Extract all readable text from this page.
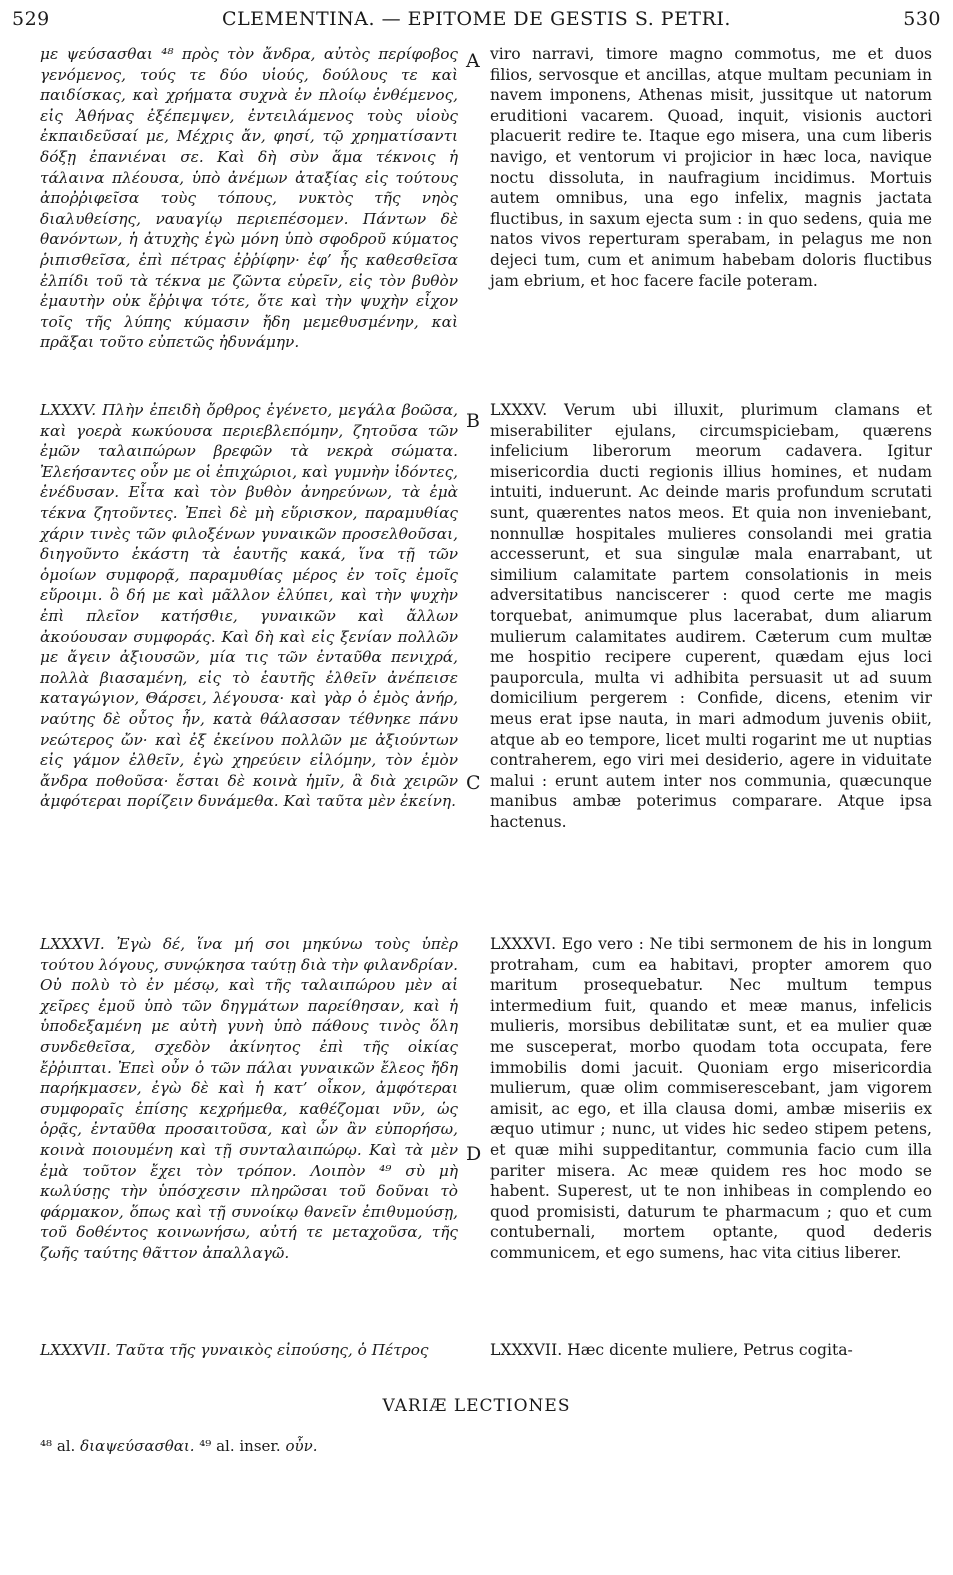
529	CLEMENTINA. — EPITOME DE GESTIS S. PETRI.	530

με ψεύσασθαι ⁴⁸ πρὸς τὸν ἄνδρα, αὐτὸς περίφοβος γενόμενος, τούς τε δύο υἱούς, δούλους τε καὶ παιδίσκας, καὶ χρήματα συχνὰ ἐν πλοίῳ ἐνθέμενος, εἰς Ἀθήνας ἐξέπεμψεν, ἐντειλάμενος τοὺς υἱοὺς ἐκπαιδεῦσαί με, Μέχρις ἄν, φησί, τῷ χρηματίσαντι δόξῃ ἐπανιέναι σε. Καὶ δὴ σὺν ἅμα τέκνοις ἡ τάλαινα πλέουσα, ὑπὸ ἀνέμων ἀταξίας εἰς τούτους ἀποῤῥιφεῖσα τοὺς τόπους, νυκτὸς τῆς νηὸς διαλυθείσης, ναυαγίῳ περιεπέσομεν. Πάντων δὲ θανόντων, ἡ ἀτυχὴς ἐγὼ μόνη ὑπὸ σφοδροῦ κύματος ῥιπισθεῖσα, ἐπὶ πέτρας ἐῤῥίφην· ἐφ’ ἧς καθεσθεῖσα ἐλπίδι τοῦ τὰ τέκνα με ζῶντα εὑρεῖν, εἰς τὸν βυθὸν ἐμαυτὴν οὐκ ἔῤῥιψα τότε, ὅτε καὶ τὴν ψυχὴν εἶχον τοῖς τῆς λύπης κύμασιν ἤδη μεμεθυσμένην, καὶ πρᾶξαι τοῦτο εὐπετῶς ἠδυνάμην.

LXXXV. Πλὴν ἐπειδὴ ὄρθρος ἐγένετο, μεγάλα βοῶσα, καὶ γοερὰ κωκύουσα περιεβλεπόμην, ζητοῦσα τῶν ἐμῶν ταλαιπώρων βρεφῶν τὰ νεκρὰ σώματα. Ἐλεήσαντες οὖν με οἱ ἐπιχώριοι, καὶ γυμνὴν ἰδόντες, ἐνέδυσαν. Εἶτα καὶ τὸν βυθὸν ἀνηρεύνων, τὰ ἐμὰ τέκνα ζητοῦντες. Ἐπεὶ δὲ μὴ εὕρισκον, παραμυθίας χάριν τινὲς τῶν φιλοξένων γυναικῶν προσελθοῦσαι, διηγοῦντο ἑκάστη τὰ ἑαυτῆς κακά, ἵνα τῇ τῶν ὁμοίων συμφορᾷ, παραμυθίας μέρος ἐν τοῖς ἐμοῖς εὕροιμι. ὃ δή με καὶ μᾶλλον ἐλύπει, καὶ τὴν ψυχὴν ἐπὶ πλεῖον κατήσθιε, γυναικῶν καὶ ἄλλων ἀκούουσαν συμφοράς. Καὶ δὴ καὶ εἰς ξενίαν πολλῶν με ἄγειν ἀξιουσῶν, μία τις τῶν ἐνταῦθα πενιχρά, πολλὰ βιασαμένη, εἰς τὸ ἑαυτῆς ἐλθεῖν ἀνέπεισε καταγώγιον, Θάρσει, λέγουσα· καὶ γὰρ ὁ ἐμὸς ἀνήρ, ναύτης δὲ οὗτος ἦν, κατὰ θάλασσαν τέθνηκε πάνυ νεώτερος ὤν· καὶ ἐξ ἐκείνου πολλῶν με ἀξιούντων εἰς γάμον ἐλθεῖν, ἐγὼ χηρεύειν εἱλόμην, τὸν ἐμὸν ἄνδρα ποθοῦσα· ἔσται δὲ κοινὰ ἡμῖν, ἃ διὰ χειρῶν ἀμφότεραι πορίζειν δυνάμεθα. Καὶ ταῦτα μὲν ἐκείνη.

LXXXVI. Ἐγὼ δέ, ἵνα μή σοι μηκύνω τοὺς ὑπὲρ τούτου λόγους, συνῴκησα ταύτῃ διὰ τὴν φιλανδρίαν. Οὐ πολὺ τὸ ἐν μέσῳ, καὶ τῆς ταλαιπώρου μὲν αἱ χεῖρες ἐμοῦ ὑπὸ τῶν δηγμάτων παρείθησαν, καὶ ἡ ὑποδεξαμένη με αὐτὴ γυνὴ ὑπὸ πάθους τινὸς ὅλη συνδεθεῖσα, σχεδὸν ἀκίνητος ἐπὶ τῆς οἰκίας ἔῤῥιπται. Ἐπεὶ οὖν ὁ τῶν πάλαι γυναικῶν ἔλεος ἤδη παρήκμασεν, ἐγὼ δὲ καὶ ἡ κατ’ οἶκον, ἀμφότεραι συμφοραῖς ἐπίσης κεχρήμεθα, καθέζομαι νῦν, ὡς ὁρᾷς, ἐνταῦθα προσαιτοῦσα, καὶ ὧν ἂν εὐπορήσω, κοινὰ ποιουμένη καὶ τῇ συνταλαιπώρῳ. Καὶ τὰ μὲν ἐμὰ τοῦτον ἔχει τὸν τρόπον. Λοιπὸν ⁴⁹ σὺ μὴ κωλύσῃς τὴν ὑπόσχεσιν πληρῶσαι τοῦ δοῦναι τὸ φάρμακον, ὅπως καὶ τῇ συνοίκῳ θανεῖν ἐπιθυμούσῃ, τοῦ δοθέντος κοινωνήσω, αὐτή τε μεταχοῦσα, τῆς ζωῆς ταύτης θᾶττον ἀπαλλαγῶ.

LXXXVII. Ταῦτα τῆς γυναικὸς εἰπούσης, ὁ Πέτρος

A
B
C
D

viro narravi, timore magno commotus, me et duos filios, servosque et ancillas, atque multam pecuniam in navem imponens, Athenas misit, jussitque ut natorum eruditioni vacarem. Quoad, inquit, visionis auctori placuerit redire te. Itaque ego misera, una cum liberis navigo, et ventorum vi projicior in hæc loca, navique noctu dissoluta, in naufragium incidimus. Mortuis autem omnibus, una ego infelix, magnis jactata fluctibus, in saxum ejecta sum : in quo sedens, quia me natos vivos reperturam sperabam, in pelagus me non dejeci tum, cum et animum habebam doloris fluctibus jam ebrium, et hoc facere facile poteram.

LXXXV. Verum ubi illuxit, plurimum clamans et miserabiliter ejulans, circumspiciebam, quærens infelicium liberorum meorum cadavera. Igitur misericordia ducti regionis illius homines, et nudam intuiti, induerunt. Ac deinde maris profundum scrutati sunt, quærentes natos meos. Et quia non inveniebant, nonnullæ hospitales mulieres consolandi mei gratia accesserunt, et sua singulæ mala enarrabant, ut similium calamitate partem consolationis in meis adversitatibus nanciscerer : quod certe me magis torquebat, animumque plus lacerabat, dum aliarum mulierum calamitates audirem. Cæterum cum multæ me hospitio recipere cuperent, quædam ejus loci pauporcula, multa vi adhibita persuasit ut ad suum domicilium pergerem : Confide, dicens, etenim vir meus erat ipse nauta, in mari admodum juvenis obiit, atque ab eo tempore, licet multi rogarint me ut nuptias contraherem, ego viri mei desiderio, agere in viduitate malui : erunt autem inter nos communia, quæcunque manibus ambæ poterimus comparare. Atque ipsa hactenus.

LXXXVI. Ego vero : Ne tibi sermonem de his in longum protraham, cum ea habitavi, propter amorem quo maritum prosequebatur. Nec multum tempus intermedium fuit, quando et meæ manus, infelicis mulieris, morsibus debilitatæ sunt, et ea mulier quæ me susceperat, morbo quodam tota occupata, fere immobilis domi jacuit. Quoniam ergo misericordia mulierum, quæ olim commiserescebant, jam vigorem amisit, ac ego, et illa clausa domi, ambæ miseriis ex æquo utimur ; nunc, ut vides hic sedeo stipem petens, et quæ mihi suppeditantur, communia facio cum illa pariter misera. Ac meæ quidem res hoc modo se habent. Superest, ut te non inhibeas in complendo eo quod promisisti, daturum te pharmacum ; quo et cum contubernali, mortem optante, quod dederis communicem, et ego sumens, hac vita citius liberer.

LXXXVII. Hæc dicente muliere, Petrus cogita-

VARIÆ LECTIONES
⁴⁸ al. διαψεύσασθαι. ⁴⁹ al. inser. οὖν.
